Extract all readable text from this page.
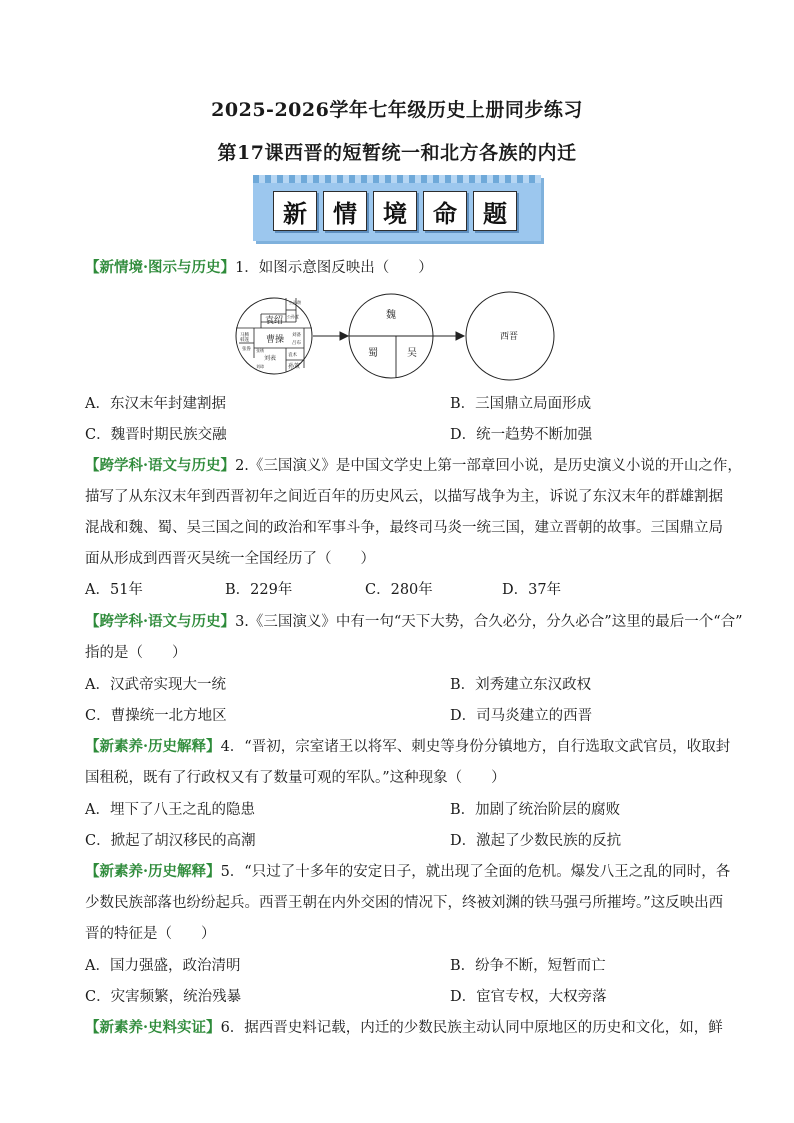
2025-2026学年七年级历史上册同步练习
第17课西晋的短暂统一和北方各族的内迁
新	情	境	命	题
【新情境·图示与历史】1．如图示意图反映出（　　）
公孙瓒
公孙度
袁绍
马腾
韩遂
张鲁
曹操 刘备
吕布
袁术
刘表
孙策
张绣
刘璋
魏
蜀	吴
西晋
A．东汉末年封建割据	B．三国鼎立局面形成
C．魏晋时期民族交融	D．统一趋势不断加强
【跨学科·语文与历史】2.《三国演义》是中国文学史上第一部章回小说，是历史演义小说的开山之作，
描写了从东汉末年到西晋初年之间近百年的历史风云，以描写战争为主，诉说了东汉末年的群雄割据
混战和魏、蜀、吴三国之间的政治和军事斗争，最终司马炎一统三国，建立晋朝的故事。三国鼎立局
面从形成到西晋灭吴统一全国经历了（　　）
A．51年	B．229年	C．280年	D．37年
【跨学科·语文与历史】3.《三国演义》中有一句“天下大势，合久必分，分久必合”这里的最后一个“合”
指的是（　　）
A．汉武帝实现大一统	B．刘秀建立东汉政权
C．曹操统一北方地区	D．司马炎建立的西晋
【新素养·历史解释】4．“晋初，宗室诸王以将军、刺史等身份分镇地方，自行选取文武官员，收取封
国租税，既有了行政权又有了数量可观的军队。”这种现象（　　）
A．埋下了八王之乱的隐患	B．加剧了统治阶层的腐败
C．掀起了胡汉移民的高潮	D．激起了少数民族的反抗
【新素养·历史解释】5．“只过了十多年的安定日子，就出现了全面的危机。爆发八王之乱的同时，各
少数民族部落也纷纷起兵。西晋王朝在内外交困的情况下，终被刘渊的铁马强弓所摧垮。”这反映出西
晋的特征是（　　）
A．国力强盛，政治清明	B．纷争不断，短暂而亡
C．灾害频繁，统治残暴	D．宦官专权，大权旁落
【新素养·史料实证】6．据西晋史料记载，内迁的少数民族主动认同中原地区的历史和文化，如，鲜
